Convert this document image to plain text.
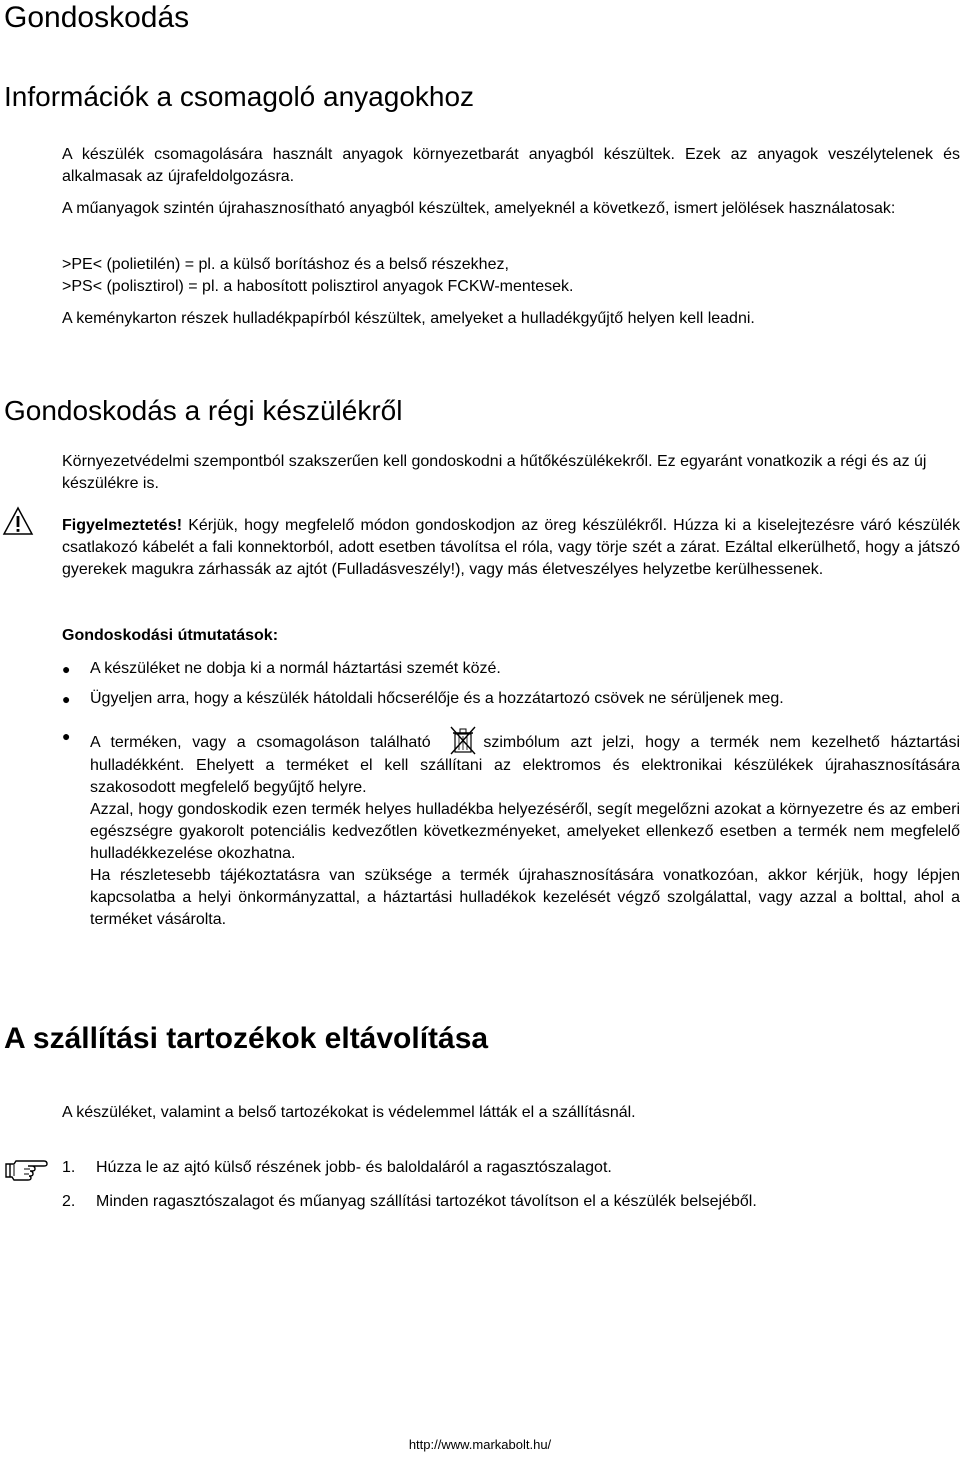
Gondoskodás
Információk a csomagoló anyagokhoz

A készülék csomagolására használt anyagok környezetbarát anyagból készültek. Ezek az anyagok veszélytelenek és alkalmasak az újrafeldolgozásra.

A műanyagok szintén újrahasznosítható anyagból készültek, amelyeknél a következő, ismert jelölések használatosak:

>PE< (polietilén) = pl. a külső borításhoz és a belső részekhez,

>PS< (polisztirol) = pl. a habosított polisztirol anyagok FCKW-mentesek.

A keménykarton részek hulladékpapírból készültek, amelyeket a hulladékgyűjtő helyen kell leadni.

Gondoskodás a régi készülékről

Környezetvédelmi szempontból szakszerűen kell gondoskodni a hűtőkészülékekről. Ez egyaránt vonatkozik a régi és az új készülékre is.

Figyelmeztetés! Kérjük, hogy megfelelő módon gondoskodjon az öreg készülékről. Húzza ki a kiselejtezésre váró készülék csatlakozó kábelét a fali konnektorból, adott esetben távolítsa el róla, vagy törje szét a zárat. Ezáltal elkerülhető, hogy a játszó gyerekek magukra zárhassák az ajtót (Fulladásveszély!), vagy más életveszélyes helyzetbe kerülhessenek.

Gondoskodási útmutatások:

●	A készüléket ne dobja ki a normál háztartási szemét közé.
●	Ügyeljen arra, hogy a készülék hátoldali hőcserélője és a hozzátartozó csövek ne sérüljenek meg.
●	A terméken, vagy a csomagoláson található	szimbólum azt jelzi, hogy a termék nem kezelhető háztartási hulladékként. Ehelyett a terméket el kell szállítani az elektromos és elektronikai készülékek újrahasznosítására szakosodott megfelelő begyűjtő helyre.
Azzal, hogy gondoskodik ezen termék helyes hulladékba helyezéséről, segít megelőzni azokat a környezetre és az emberi egészségre gyakorolt potenciális kedvezőtlen következményeket, amelyeket ellenkező esetben a termék nem megfelelő hulladékkezelése okozhatna.
Ha részletesebb tájékoztatásra van szüksége a termék újrahasznosítására vonatkozóan, akkor kérjük, hogy lépjen kapcsolatba a helyi önkormányzattal, a háztartási hulladékok kezelését végző szolgálattal, vagy azzal a bolttal, ahol a terméket vásárolta.
A szállítási tartozékok eltávolítása

A készüléket, valamint a belső tartozékokat is védelemmel látták el a szállításnál.

1. Húzza le az ajtó külső részének jobb- és baloldaláról a ragasztószalagot.
2. Minden ragasztószalagot és műanyag szállítási tartozékot távolítson el a készülék belsejéből.
http://www.markabolt.hu/
